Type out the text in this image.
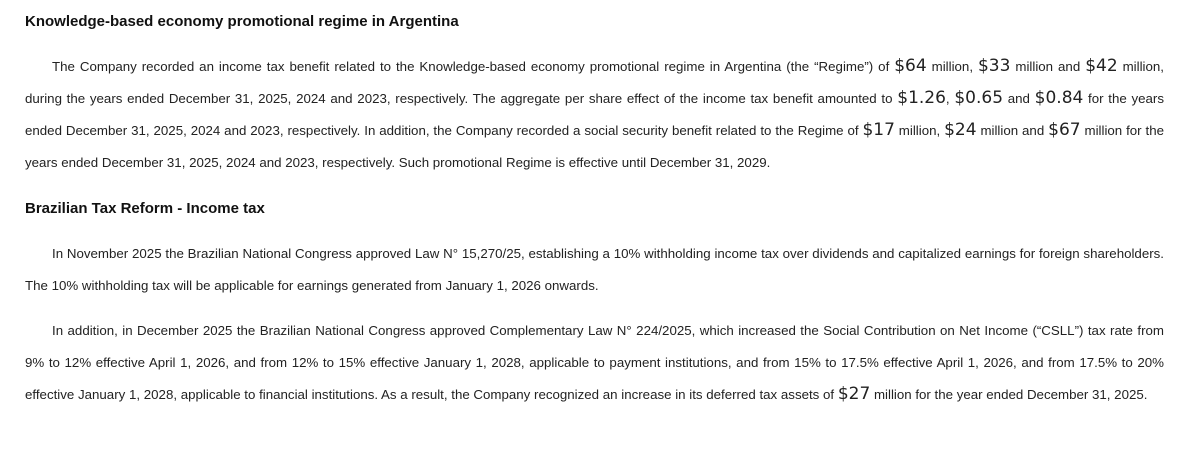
Knowledge-based economy promotional regime in Argentina

The Company recorded an income tax benefit related to the Knowledge-based economy promotional regime in Argentina (the “Regime”) of $64 million, $33 million and $42 million, during the years ended December 31, 2025, 2024 and 2023, respectively. The aggregate per share effect of the income tax benefit amounted to $1.26, $0.65 and $0.84 for the years ended December 31, 2025, 2024 and 2023, respectively. In addition, the Company recorded a social security benefit related to the Regime of $17 million, $24 million and $67 million for the years ended December 31, 2025, 2024 and 2023, respectively. Such promotional Regime is effective until December 31, 2029.

Brazilian Tax Reform - Income tax

In November 2025 the Brazilian National Congress approved Law N° 15,270/25, establishing a 10% withholding income tax over dividends and capitalized earnings for foreign shareholders. The 10% withholding tax will be applicable for earnings generated from January 1, 2026 onwards.

In addition, in December 2025 the Brazilian National Congress approved Complementary Law N° 224/2025, which increased the Social Contribution on Net Income (“CSLL”) tax rate from 9% to 12% effective April 1, 2026, and from 12% to 15% effective January 1, 2028, applicable to payment institutions, and from 15% to 17.5% effective April 1, 2026, and from 17.5% to 20% effective January 1, 2028, applicable to financial institutions. As a result, the Company recognized an increase in its deferred tax assets of $27 million for the year ended December 31, 2025.
